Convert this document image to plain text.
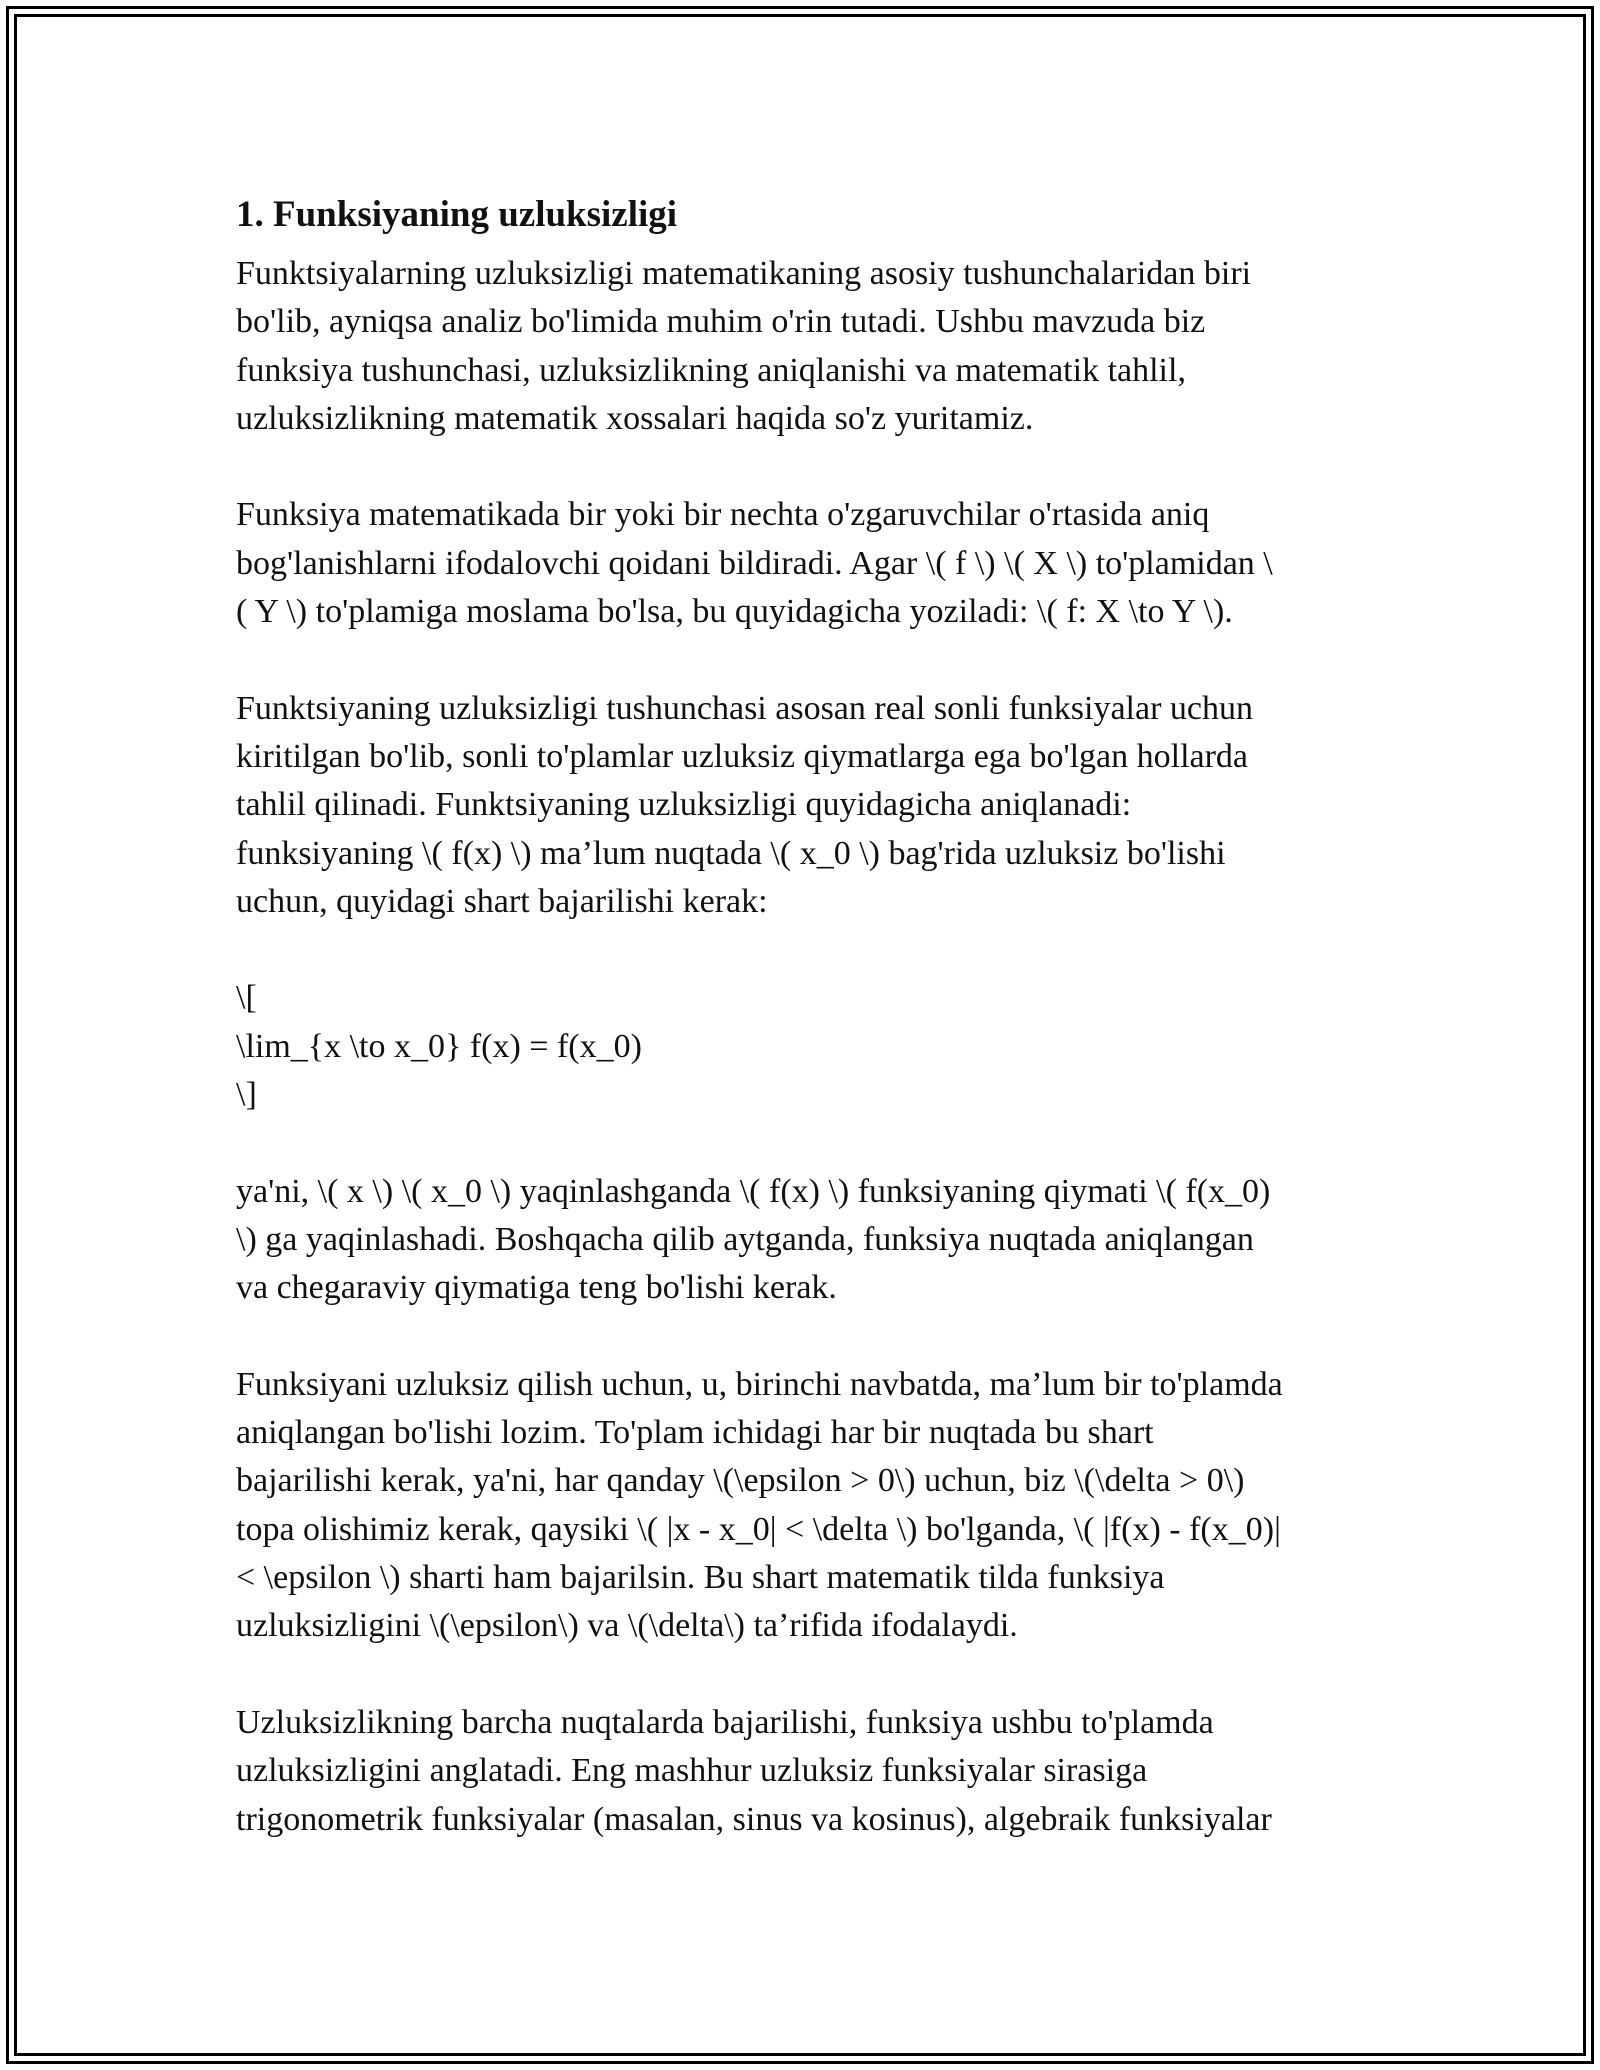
1. Funksiyaning uzluksizligi
Funktsiyalarning uzluksizligi matematikaning asosiy tushunchalaridan biri
bo'lib, ayniqsa analiz bo'limida muhim o'rin tutadi. Ushbu mavzuda biz
funksiya tushunchasi, uzluksizlikning aniqlanishi va matematik tahlil,
uzluksizlikning matematik xossalari haqida so'z yuritamiz.
Funksiya matematikada bir yoki bir nechta o'zgaruvchilar o'rtasida aniq
bog'lanishlarni ifodalovchi qoidani bildiradi. Agar \( f \) \( X \) to'plamidan \
( Y \) to'plamiga moslama bo'lsa, bu quyidagicha yoziladi: \( f: X \to Y \).
Funktsiyaning uzluksizligi tushunchasi asosan real sonli funksiyalar uchun
kiritilgan bo'lib, sonli to'plamlar uzluksiz qiymatlarga ega bo'lgan hollarda
tahlil qilinadi. Funktsiyaning uzluksizligi quyidagicha aniqlanadi:
funksiyaning \( f(x) \) ma’lum nuqtada \( x_0 \) bag'rida uzluksiz bo'lishi
uchun, quyidagi shart bajarilishi kerak:
\[
\lim_{x \to x_0} f(x) = f(x_0)
\]
ya'ni, \( x \) \( x_0 \) yaqinlashganda \( f(x) \) funksiyaning qiymati \( f(x_0)
\) ga yaqinlashadi. Boshqacha qilib aytganda, funksiya nuqtada aniqlangan
va chegaraviy qiymatiga teng bo'lishi kerak.
Funksiyani uzluksiz qilish uchun, u, birinchi navbatda, ma’lum bir to'plamda
aniqlangan bo'lishi lozim. To'plam ichidagi har bir nuqtada bu shart
bajarilishi kerak, ya'ni, har qanday \(\epsilon > 0\) uchun, biz \(\delta > 0\)
topa olishimiz kerak, qaysiki \( |x - x_0| < \delta \) bo'lganda, \( |f(x) - f(x_0)|
< \epsilon \) sharti ham bajarilsin. Bu shart matematik tilda funksiya
uzluksizligini \(\epsilon\) va \(\delta\) ta’rifida ifodalaydi.
Uzluksizlikning barcha nuqtalarda bajarilishi, funksiya ushbu to'plamda
uzluksizligini anglatadi. Eng mashhur uzluksiz funksiyalar sirasiga
trigonometrik funksiyalar (masalan, sinus va kosinus), algebraik funksiyalar
